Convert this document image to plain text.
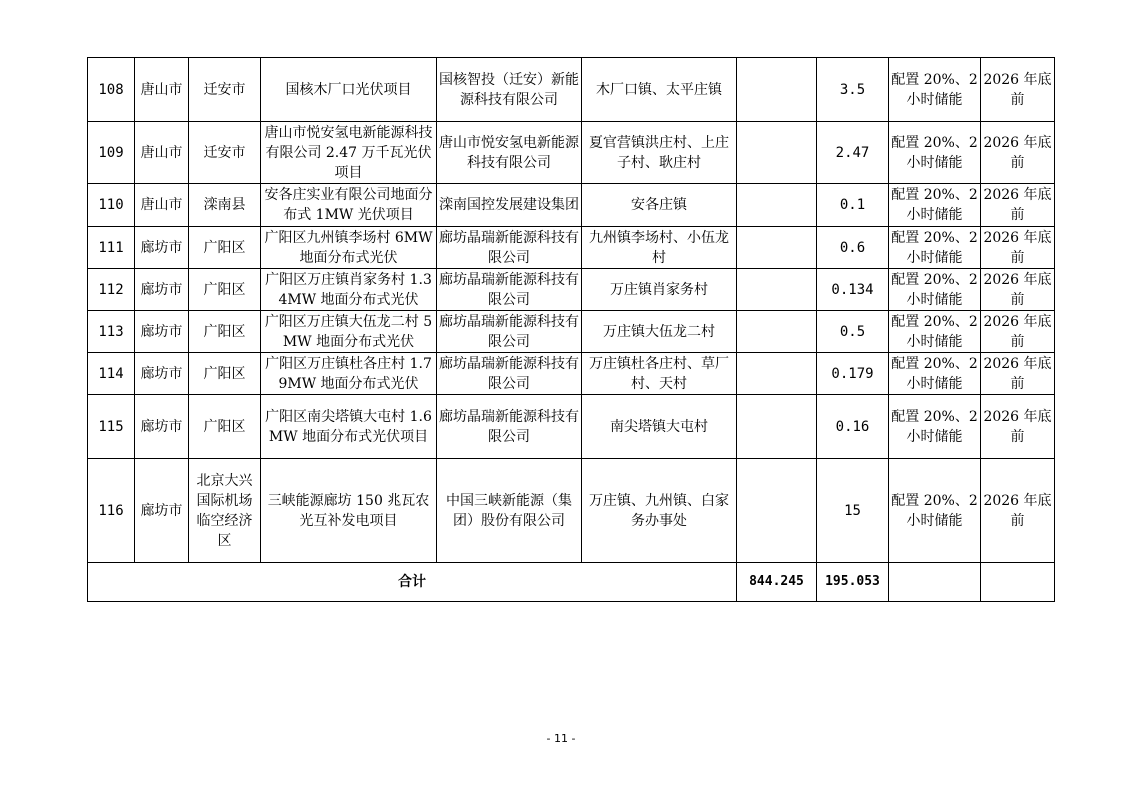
108	唐山市	迁安市	国核木厂口光伏项目	国核智投（迁安）新能源科技有限公司	木厂口镇、太平庄镇		3.5	配置 20%、2 小时储能	2026 年底前
109	唐山市	迁安市	唐山市悦安氢电新能源科技有限公司 2.47 万千瓦光伏项目	唐山市悦安氢电新能源科技有限公司	夏官营镇洪庄村、上庄子村、耿庄村		2.47	配置 20%、2 小时储能	2026 年底前
110	唐山市	滦南县	安各庄实业有限公司地面分布式 1MW 光伏项目	滦南国控发展建设集团	安各庄镇		0.1	配置 20%、2 小时储能	2026 年底前
111	廊坊市	广阳区	广阳区九州镇李场村 6MW 地面分布式光伏	廊坊晶瑞新能源科技有限公司	九州镇李场村、小伍龙村		0.6	配置 20%、2 小时储能	2026 年底前
112	廊坊市	广阳区	广阳区万庄镇肖家务村 1.34MW 地面分布式光伏	廊坊晶瑞新能源科技有限公司	万庄镇肖家务村		0.134	配置 20%、2 小时储能	2026 年底前
113	廊坊市	广阳区	广阳区万庄镇大伍龙二村 5MW 地面分布式光伏	廊坊晶瑞新能源科技有限公司	万庄镇大伍龙二村		0.5	配置 20%、2 小时储能	2026 年底前
114	廊坊市	广阳区	广阳区万庄镇杜各庄村 1.79MW 地面分布式光伏	廊坊晶瑞新能源科技有限公司	万庄镇杜各庄村、草厂村、天村		0.179	配置 20%、2 小时储能	2026 年底前
115	廊坊市	广阳区	广阳区南尖塔镇大屯村 1.6MW 地面分布式光伏项目	廊坊晶瑞新能源科技有限公司	南尖塔镇大屯村		0.16	配置 20%、2 小时储能	2026 年底前
116	廊坊市	北京大兴国际机场临空经济区	三峡能源廊坊 150 兆瓦农光互补发电项目	中国三峡新能源（集团）股份有限公司	万庄镇、九州镇、白家务办事处		15	配置 20%、2 小时储能	2026 年底前
合计						844.245	195.053		
- 11 -
